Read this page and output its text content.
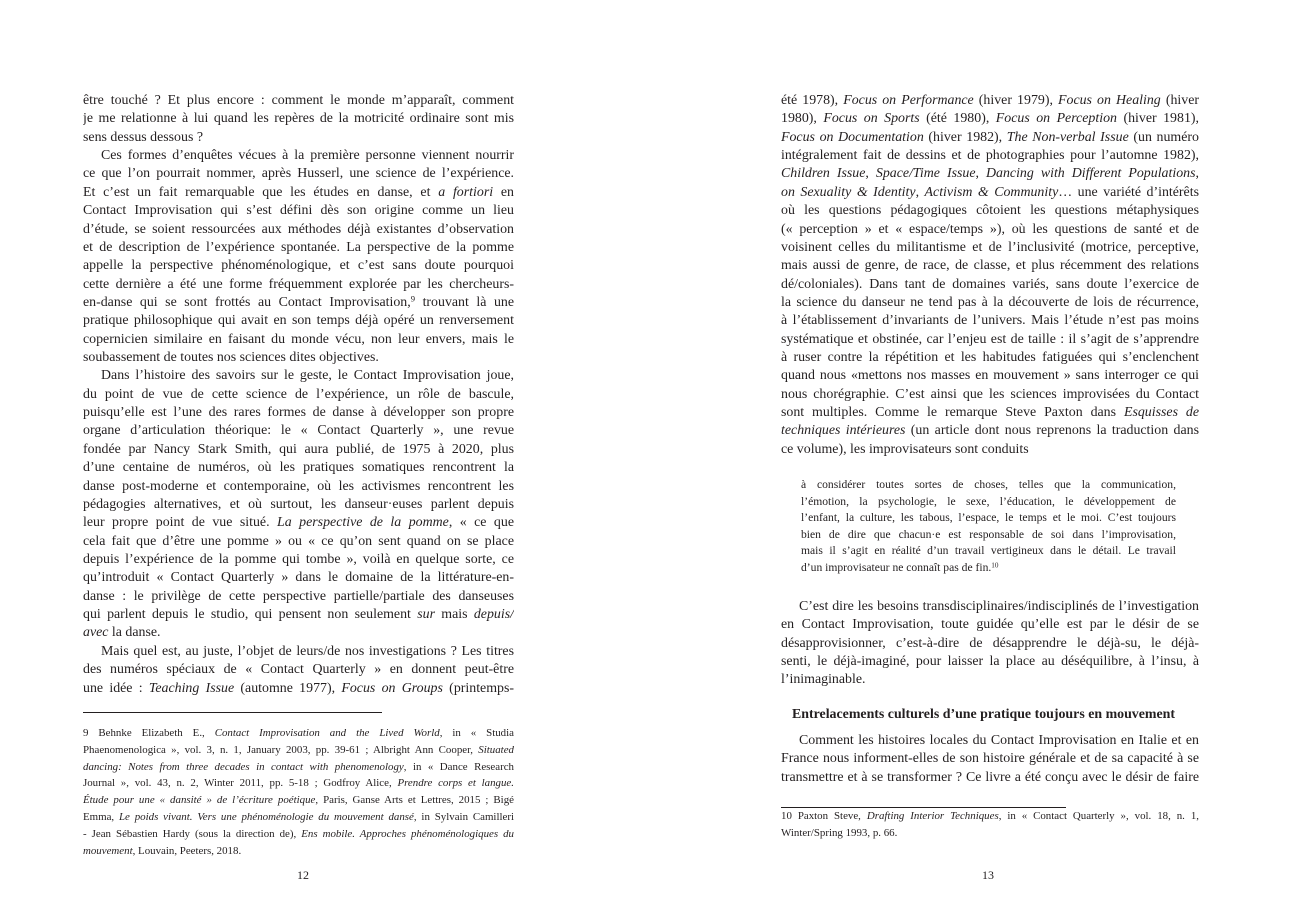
être touché ? Et plus encore : comment le monde m’apparaît, comment
je me relationne à lui quand les repères de la motricité ordinaire sont mis
sens dessus dessous ?
Ces formes d’enquêtes vécues à la première personne viennent nourrir
ce que l’on pourrait nommer, après Husserl, une science de l’expérience.
Et c’est un fait remarquable que les études en danse, et a fortiori en
Contact Improvisation qui s’est défini dès son origine comme un lieu
d’étude, se soient ressourcées aux méthodes déjà existantes d’observation
et de description de l’expérience spontanée. La perspective de la pomme
appelle la perspective phénoménologique, et c’est sans doute pourquoi
cette dernière a été une forme fréquemment explorée par les chercheurs-
en-danse qui se sont frottés au Contact Improvisation,$^9$ trouvant là une
pratique philosophique qui avait en son temps déjà opéré un renversement
copernicien similaire en faisant du monde vécu, non leur envers, mais le
soubassement de toutes nos sciences dites objectives.
Dans l’histoire des savoirs sur le geste, le Contact Improvisation joue,
du point de vue de cette science de l’expérience, un rôle de bascule,
puisqu’elle est l’une des rares formes de danse à développer son propre
organe d’articulation théorique: le « Contact Quarterly », une revue
fondée par Nancy Stark Smith, qui aura publié, de 1975 à 2020, plus
d’une centaine de numéros, où les pratiques somatiques rencontrent la
danse post-moderne et contemporaine, où les activismes rencontrent les
pédagogies alternatives, et où surtout, les danseur·euses parlent depuis
leur propre point de vue situé. La perspective de la pomme, « ce que
cela fait que d’être une pomme » ou « ce qu’on sent quand on se place
depuis l’expérience de la pomme qui tombe », voilà en quelque sorte, ce
qu’introduit « Contact Quarterly » dans le domaine de la littérature-en-
danse : le privilège de cette perspective partielle/partiale des danseuses
qui parlent depuis le studio, qui pensent non seulement sur mais depuis/
avec la danse.
Mais quel est, au juste, l’objet de leurs/de nos investigations ? Les titres
des numéros spéciaux de « Contact Quarterly » en donnent peut-être
une idée : Teaching Issue (automne 1977), Focus on Groups (printemps-
9 Behnke Elizabeth E., Contact Improvisation and the Lived World, in « Studia
Phaenomenologica », vol. 3, n. 1, January 2003, pp. 39-61 ; Albright Ann Cooper, Situated
dancing: Notes from three decades in contact with phenomenology, in « Dance Research
Journal », vol. 43, n. 2, Winter 2011, pp. 5-18 ; Godfroy Alice, Prendre corps et langue.
Étude pour une « dansité » de l’écriture poétique, Paris, Ganse Arts et Lettres, 2015 ; Bigé
Emma, Le poids vivant. Vers une phénoménologie du mouvement dansé, in Sylvain Camilleri
- Jean Sébastien Hardy (sous la direction de), Ens mobile. Approches phénoménologiques du
mouvement, Louvain, Peeters, 2018.
12
été 1978), Focus on Performance (hiver 1979), Focus on Healing (hiver
1980), Focus on Sports (été 1980), Focus on Perception (hiver 1981),
Focus on Documentation (hiver 1982), The Non-verbal Issue (un numéro
intégralement fait de dessins et de photographies pour l’automne 1982),
Children Issue, Space/Time Issue, Dancing with Different Populations,
on Sexuality & Identity, Activism & Community… une variété d’intérêts
où les questions pédagogiques côtoient les questions métaphysiques
(« perception » et « espace/temps »), où les questions de santé et de
voisinent celles du militantisme et de l’inclusivité (motrice, perceptive,
mais aussi de genre, de race, de classe, et plus récemment des relations
dé/coloniales). Dans tant de domaines variés, sans doute l’exercice de
la science du danseur ne tend pas à la découverte de lois de récurrence,
à l’établissement d’invariants de l’univers. Mais l’étude n’est pas moins
systématique et obstinée, car l’enjeu est de taille : il s’agit de s’apprendre
à ruser contre la répétition et les habitudes fatiguées qui s’enclenchent
quand nous «mettons nos masses en mouvement » sans interroger ce qui
nous chorégraphie. C’est ainsi que les sciences improvisées du Contact
sont multiples. Comme le remarque Steve Paxton dans Esquisses de
techniques intérieures (un article dont nous reprenons la traduction dans
ce volume), les improvisateurs sont conduits
à considérer toutes sortes de choses, telles que la communication,
l’émotion, la psychologie, le sexe, l’éducation, le développement de
l’enfant, la culture, les tabous, l’espace, le temps et le moi. C’est toujours
bien de dire que chacun·e est responsable de soi dans l’improvisation,
mais il s’agit en réalité d’un travail vertigineux dans le détail. Le travail
d’un improvisateur ne connaît pas de fin.$^{10}$
C’est dire les besoins transdisciplinaires/indisciplinés de l’investigation
en Contact Improvisation, toute guidée qu’elle est par le désir de se
désapprovisionner, c’est-à-dire de désapprendre le déjà-su, le déjà-
senti, le déjà-imaginé, pour laisser la place au déséquilibre, à l’insu, à
l’inimaginable.
Entrelacements culturels d’une pratique toujours en mouvement
Comment les histoires locales du Contact Improvisation en Italie et en
France nous informent-elles de son histoire générale et de sa capacité à se
transmettre et à se transformer ? Ce livre a été conçu avec le désir de faire
10 Paxton Steve, Drafting Interior Techniques, in « Contact Quarterly », vol. 18, n. 1,
Winter/Spring 1993, p. 66.
13
